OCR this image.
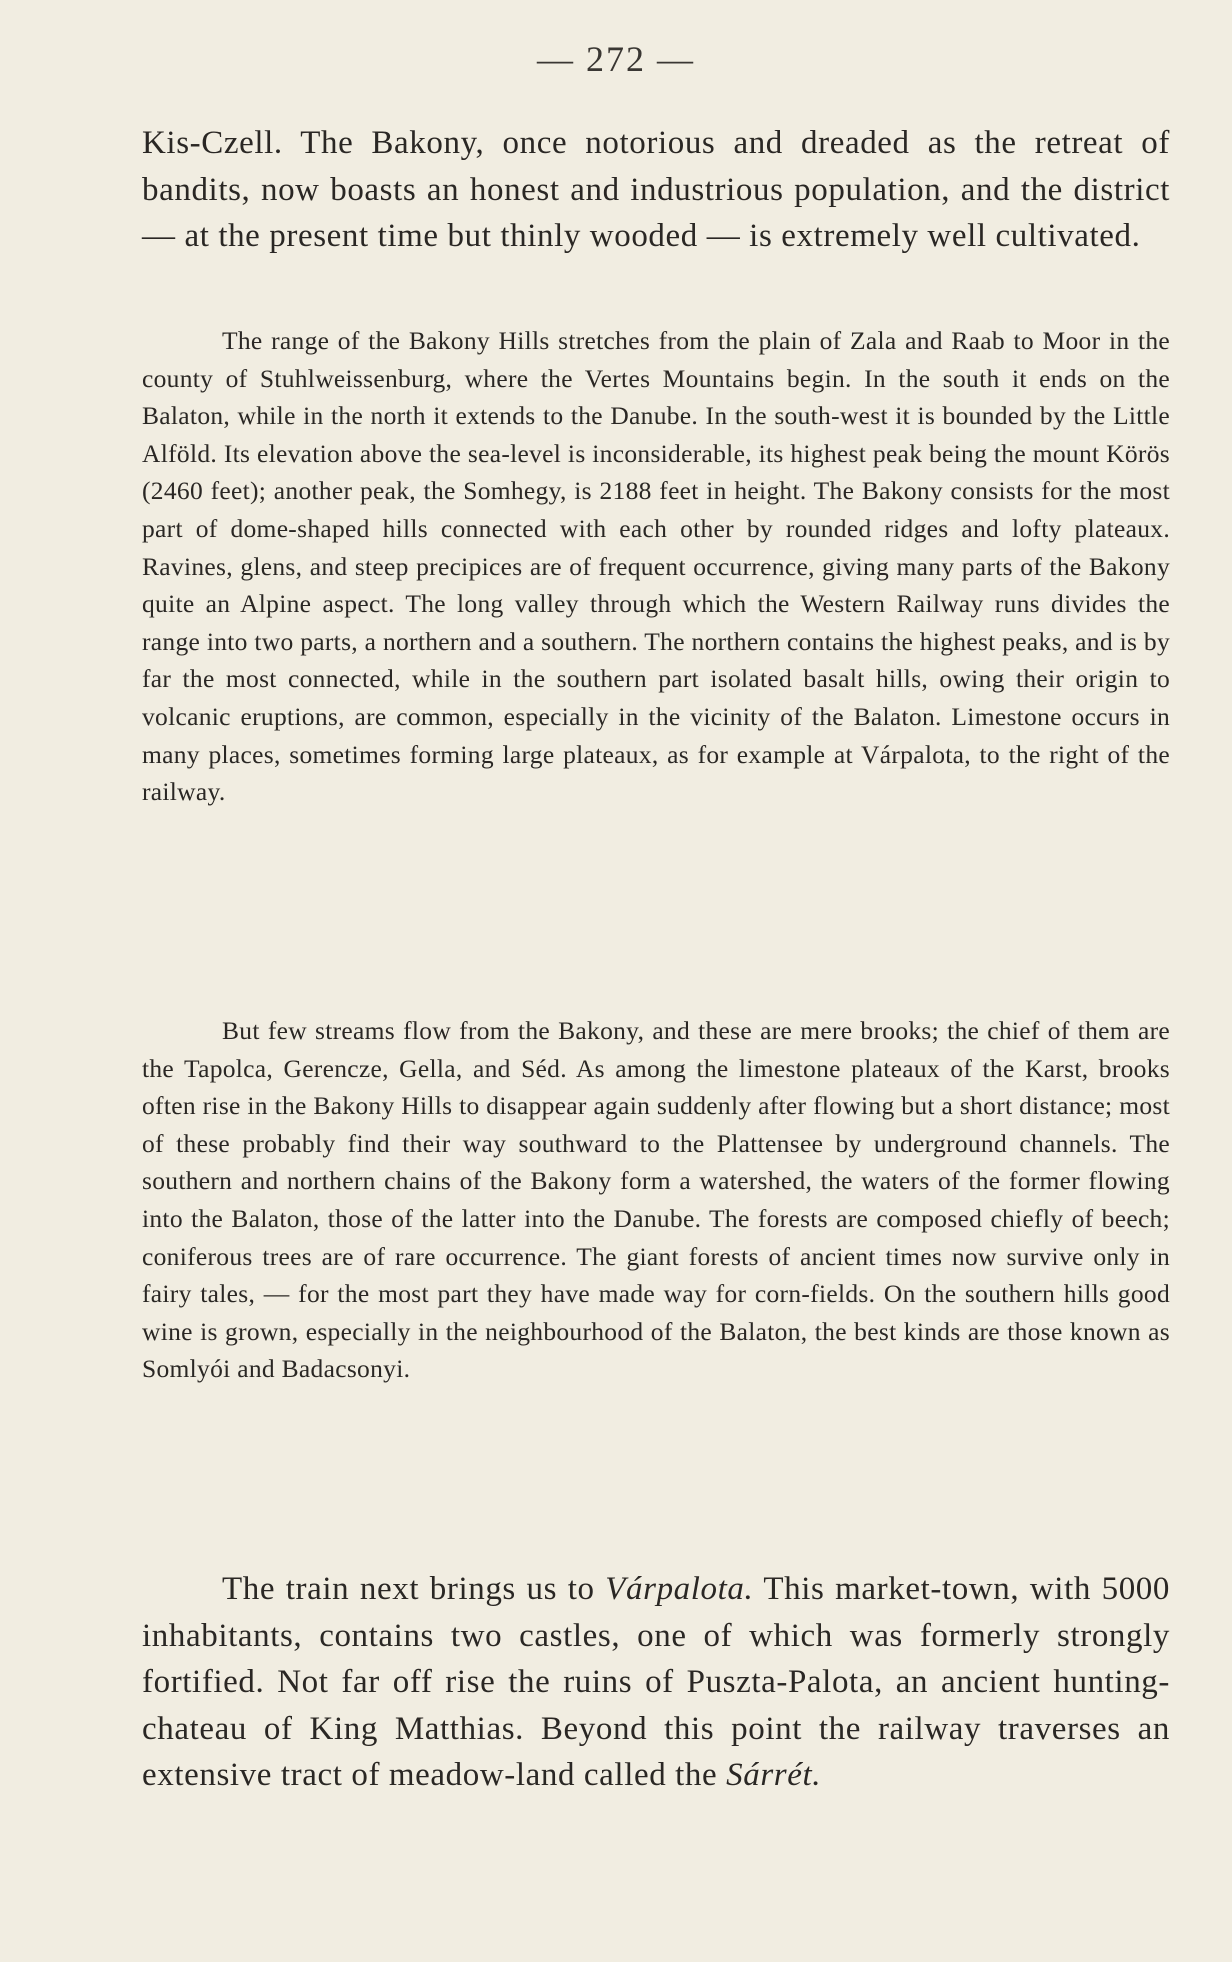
— 272 —

Kis-Czell. The Bakony, once notorious and dreaded as the retreat of bandits, now boasts an honest and industrious population, and the district — at the present time but thinly wooded — is extremely well cultivated.

The range of the Bakony Hills stretches from the plain of Zala and Raab to Moor in the county of Stuhlweissenburg, where the Vertes Mountains begin. In the south it ends on the Balaton, while in the north it extends to the Danube. In the south-west it is bounded by the Little Alföld. Its elevation above the sea-level is inconsiderable, its highest peak being the mount Körös (2460 feet); another peak, the Somhegy, is 2188 feet in height. The Bakony consists for the most part of dome-shaped hills connected with each other by rounded ridges and lofty plateaux. Ravines, glens, and steep precipices are of frequent occurrence, giving many parts of the Bakony quite an Alpine aspect. The long valley through which the Western Railway runs divides the range into two parts, a northern and a southern. The northern contains the highest peaks, and is by far the most connected, while in the southern part isolated basalt hills, owing their origin to volcanic eruptions, are common, especially in the vicinity of the Balaton. Limestone occurs in many places, sometimes forming large plateaux, as for example at Várpalota, to the right of the railway.

But few streams flow from the Bakony, and these are mere brooks; the chief of them are the Tapolca, Gerencze, Gella, and Séd. As among the limestone plateaux of the Karst, brooks often rise in the Bakony Hills to disappear again suddenly after flowing but a short distance; most of these probably find their way southward to the Plattensee by underground channels. The southern and northern chains of the Bakony form a watershed, the waters of the former flowing into the Balaton, those of the latter into the Danube. The forests are composed chiefly of beech; coniferous trees are of rare occurrence. The giant forests of ancient times now survive only in fairy tales, — for the most part they have made way for corn-fields. On the southern hills good wine is grown, especially in the neighbourhood of the Balaton, the best kinds are those known as Somlyói and Badacsonyi.

The train next brings us to Várpalota. This market-town, with 5000 inhabitants, contains two castles, one of which was formerly strongly fortified. Not far off rise the ruins of Puszta-Palota, an ancient hunting-chateau of King Matthias. Beyond this point the railway traverses an extensive tract of meadow-land called the Sárrét.
